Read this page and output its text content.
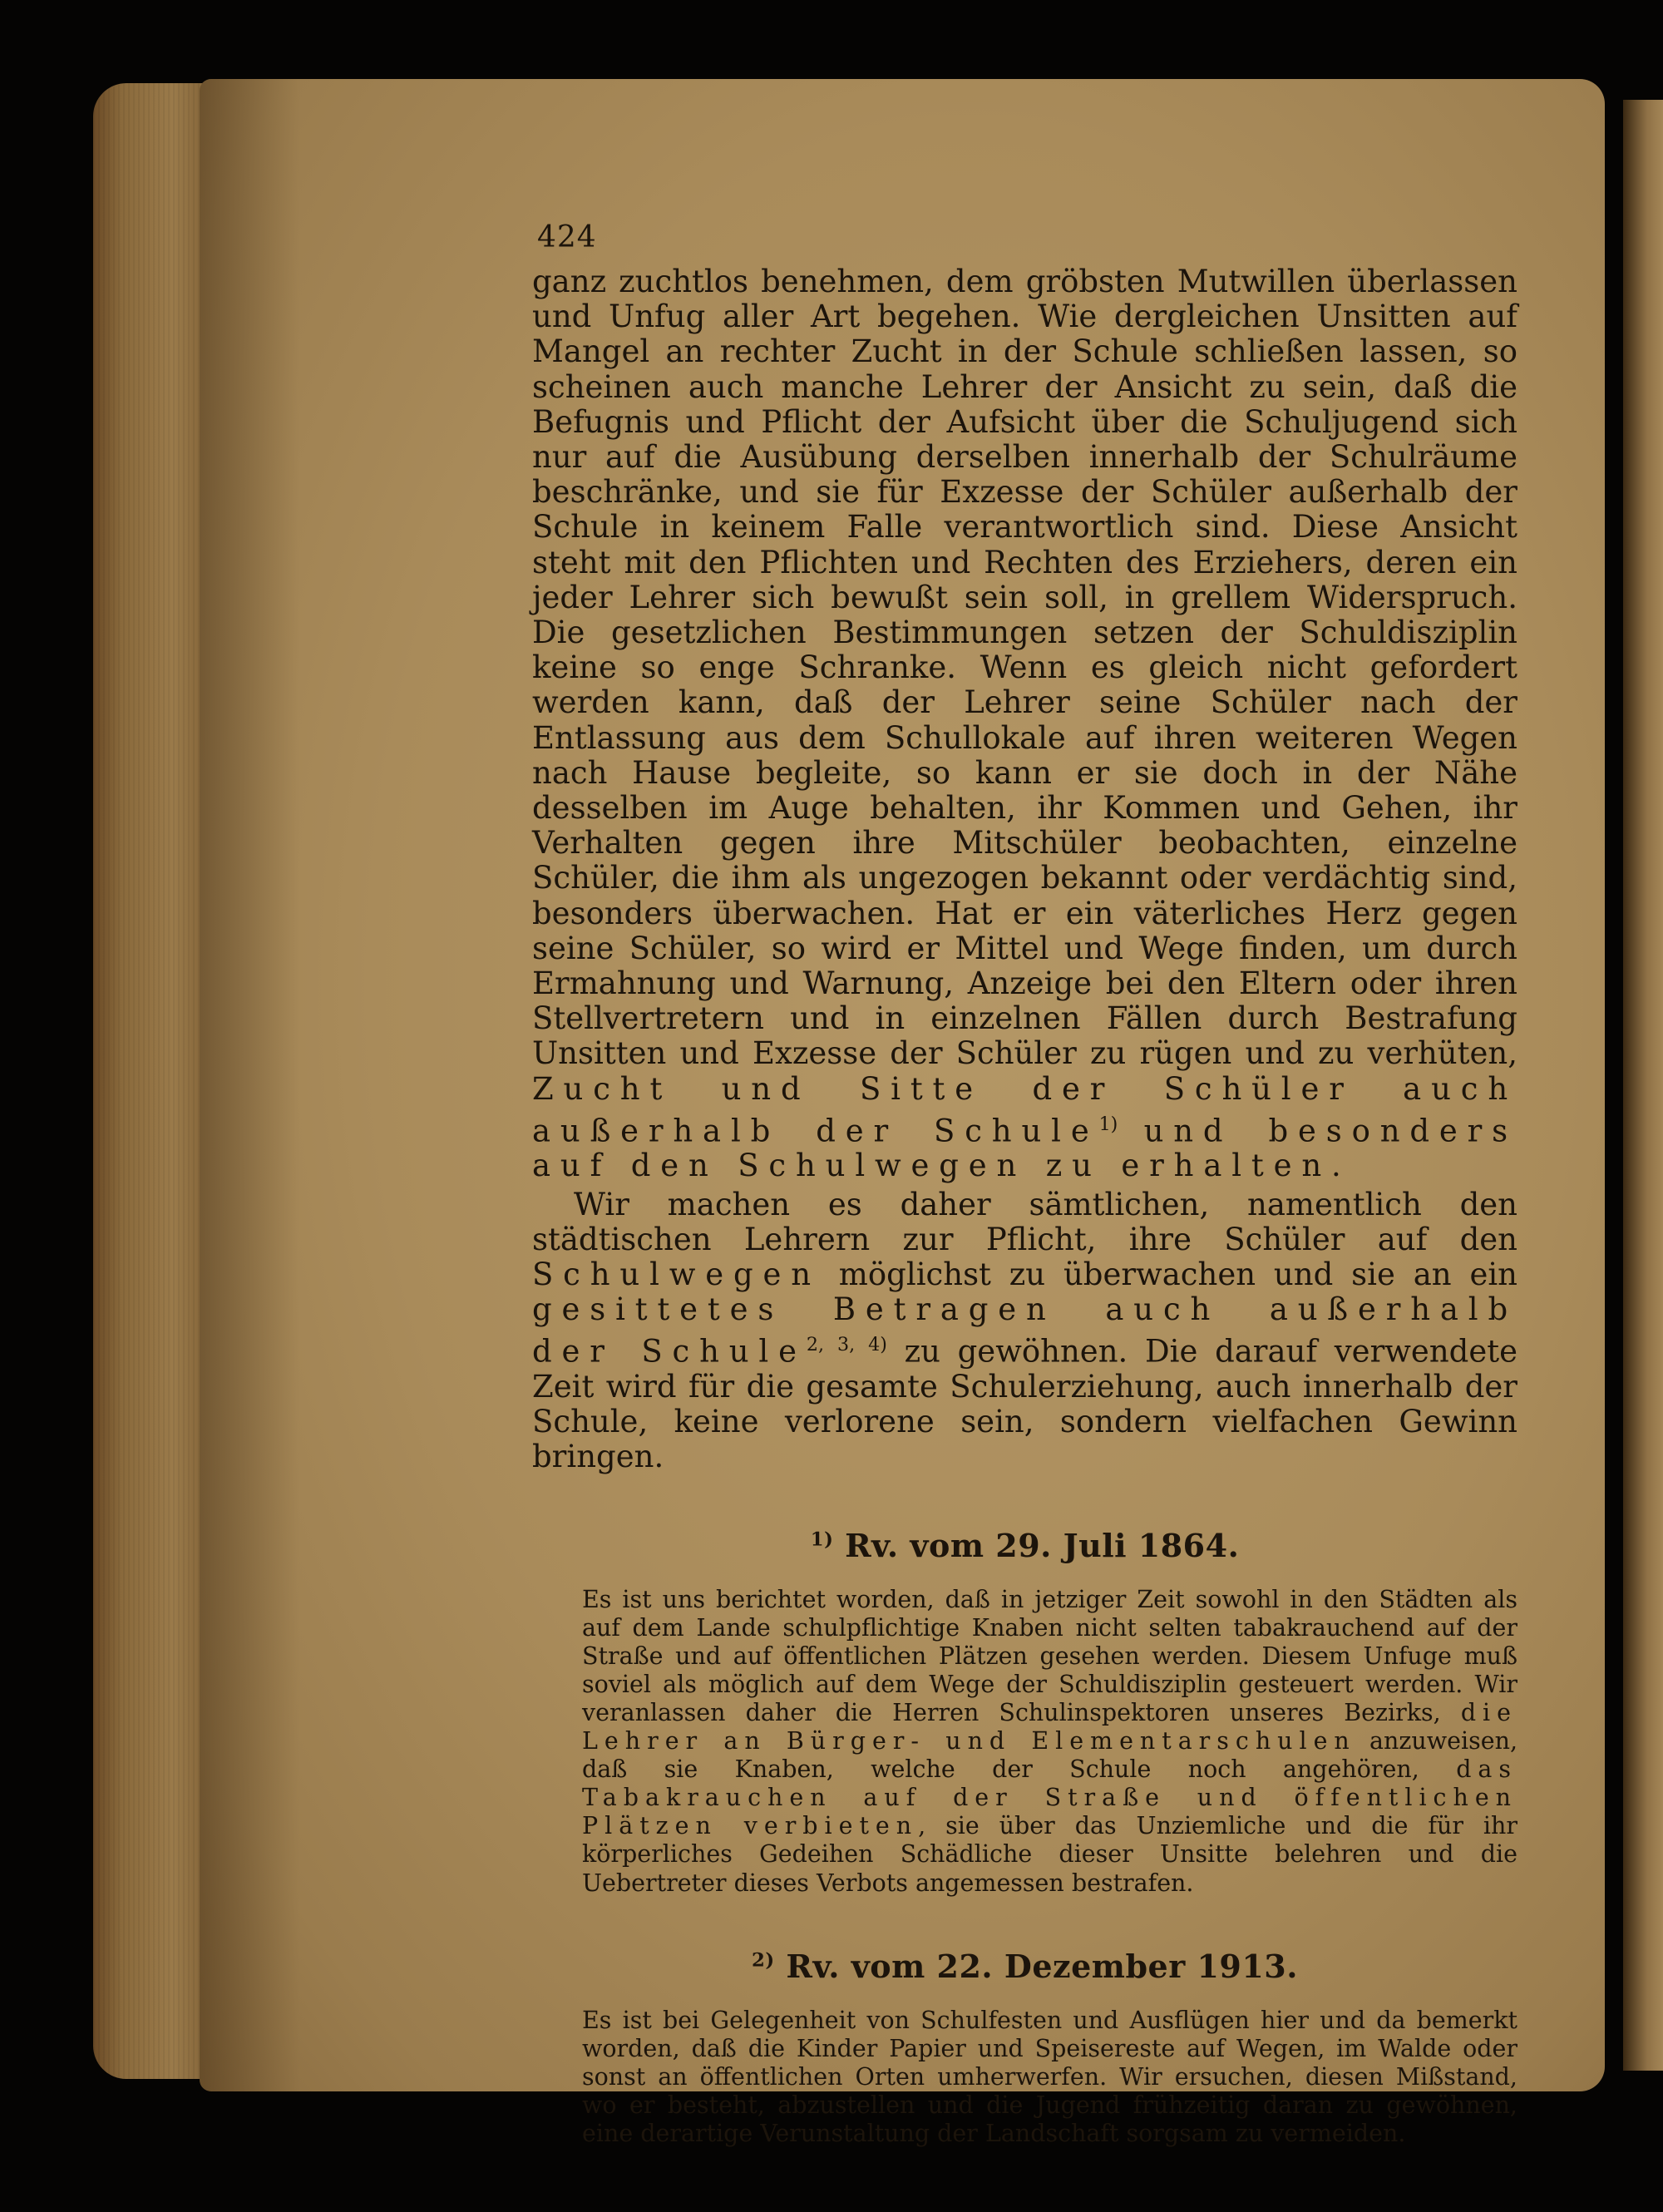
424

ganz zuchtlos benehmen, dem gröbsten Mutwillen überlassen und Unfug aller Art begehen. Wie dergleichen Unsitten auf Mangel an rechter Zucht in der Schule schließen lassen, so scheinen auch manche Lehrer der Ansicht zu sein, daß die Befugnis und Pflicht der Aufsicht über die Schuljugend sich nur auf die Ausübung derselben innerhalb der Schulräume beschränke, und sie für Exzesse der Schüler außerhalb der Schule in keinem Falle verantwortlich sind. Diese Ansicht steht mit den Pflichten und Rechten des Erziehers, deren ein jeder Lehrer sich bewußt sein soll, in grellem Widerspruch. Die gesetzlichen Bestimmungen setzen der Schuldisziplin keine so enge Schranke. Wenn es gleich nicht gefordert werden kann, daß der Lehrer seine Schüler nach der Entlassung aus dem Schullokale auf ihren weiteren Wegen nach Hause begleite, so kann er sie doch in der Nähe desselben im Auge behalten, ihr Kommen und Gehen, ihr Verhalten gegen ihre Mitschüler beobachten, einzelne Schüler, die ihm als ungezogen bekannt oder verdächtig sind, besonders überwachen. Hat er ein väterliches Herz gegen seine Schüler, so wird er Mittel und Wege finden, um durch Ermahnung und Warnung, Anzeige bei den Eltern oder ihren Stellvertretern und in einzelnen Fällen durch Bestrafung Unsitten und Exzesse der Schüler zu rügen und zu verhüten, Zucht und Sitte der Schüler auch außerhalb der Schule$^{1)}$ und besonders auf den Schulwegen zu erhalten.

Wir machen es daher sämtlichen, namentlich den städtischen Lehrern zur Pflicht, ihre Schüler auf den Schulwegen möglichst zu überwachen und sie an ein gesittetes Betragen auch außerhalb der Schule$^{2, 3, 4)}$ zu gewöhnen. Die darauf verwendete Zeit wird für die gesamte Schulerziehung, auch innerhalb der Schule, keine verlorene sein, sondern vielfachen Gewinn bringen.

$^{1)}$ Rv. vom 29. Juli 1864.

Es ist uns berichtet worden, daß in jetziger Zeit sowohl in den Städten als auf dem Lande schulpflichtige Knaben nicht selten tabakrauchend auf der Straße und auf öffentlichen Plätzen gesehen werden. Diesem Unfuge muß soviel als möglich auf dem Wege der Schuldisziplin gesteuert werden. Wir veranlassen daher die Herren Schulinspektoren unseres Bezirks, die Lehrer an Bürger- und Elementarschulen anzuweisen, daß sie Knaben, welche der Schule noch angehören, das Tabakrauchen auf der Straße und öffentlichen Plätzen verbieten, sie über das Unziemliche und die für ihr körperliches Gedeihen Schädliche dieser Unsitte belehren und die Uebertreter dieses Verbots angemessen bestrafen.

$^{2)}$ Rv. vom 22. Dezember 1913.

Es ist bei Gelegenheit von Schulfesten und Ausflügen hier und da bemerkt worden, daß die Kinder Papier und Speisereste auf Wegen, im Walde oder sonst an öffentlichen Orten umherwerfen. Wir ersuchen, diesen Mißstand, wo er besteht, abzustellen und die Jugend frühzeitig daran zu gewöhnen, eine derartige Verunstaltung der Landschaft sorgsam zu vermeiden.
